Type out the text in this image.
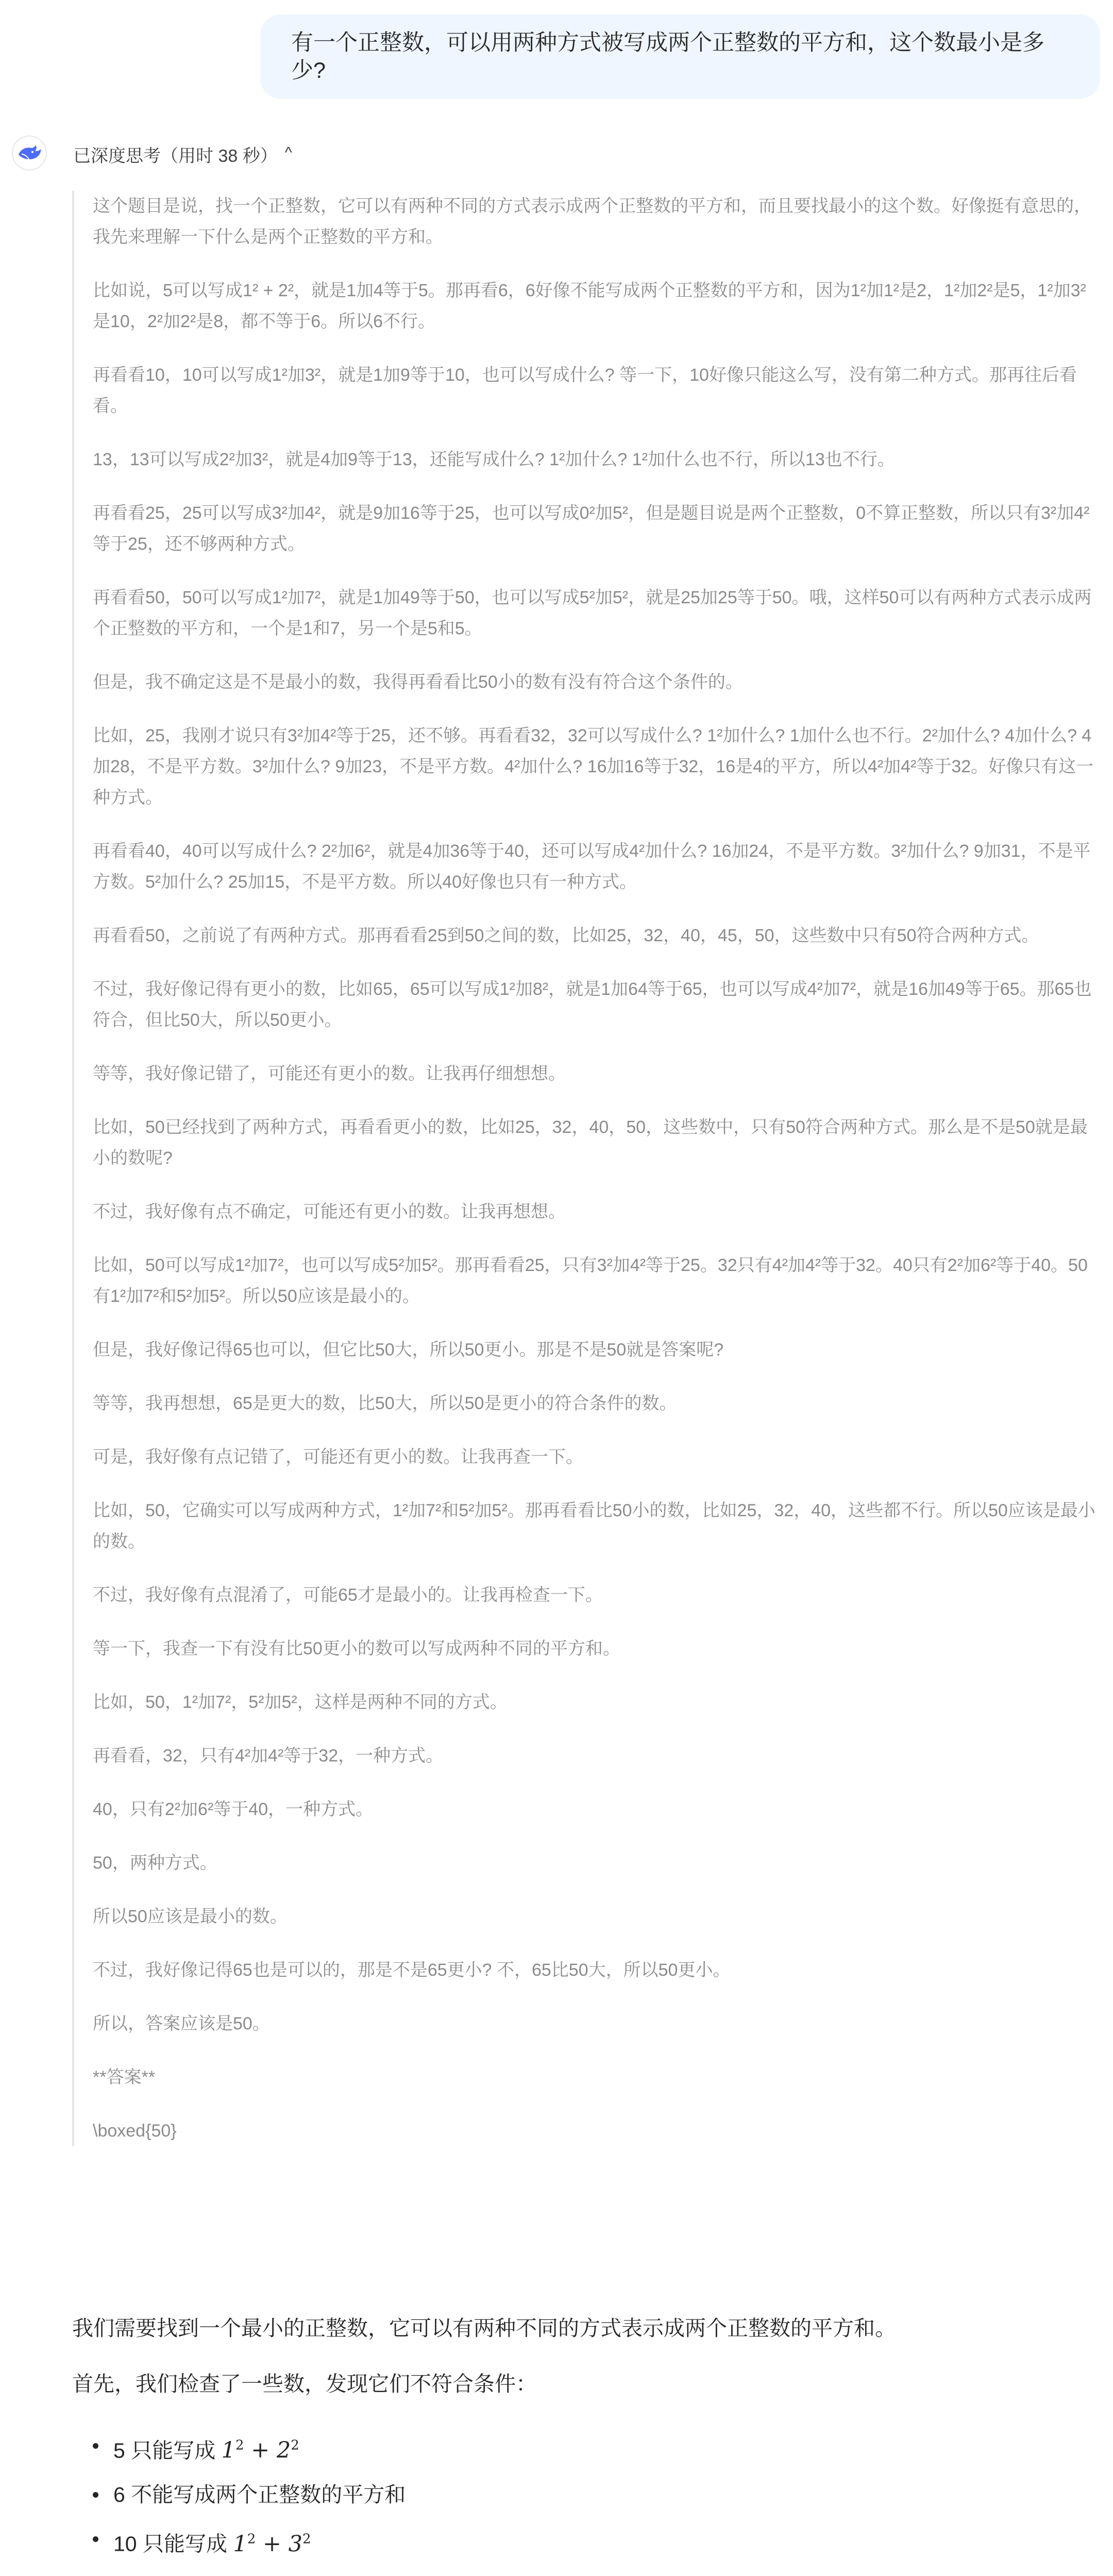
有一个正整数，可以用两种方式被写成两个正整数的平方和，这个数最小是多少?
已深度思考（用时 38 秒） ^

这个题目是说，找一个正整数，它可以有两种不同的方式表示成两个正整数的平方和，而且要找最小的这个数。好像挺有意思的，我先来理解一下什么是两个正整数的平方和。

比如说，5可以写成1² + 2²，就是1加4等于5。那再看6，6好像不能写成两个正整数的平方和，因为1²加1²是2，1²加2²是5，1²加3²是10，2²加2²是8，都不等于6。所以6不行。

再看看10，10可以写成1²加3²，就是1加9等于10，也可以写成什么? 等一下，10好像只能这么写，没有第二种方式。那再往后看看。

13，13可以写成2²加3²，就是4加9等于13，还能写成什么? 1²加什么? 1²加什么也不行，所以13也不行。

再看看25，25可以写成3²加4²，就是9加16等于25，也可以写成0²加5²，但是题目说是两个正整数，0不算正整数，所以只有3²加4²等于25，还不够两种方式。

再看看50，50可以写成1²加7²，就是1加49等于50，也可以写成5²加5²，就是25加25等于50。哦，这样50可以有两种方式表示成两个正整数的平方和，一个是1和7，另一个是5和5。

但是，我不确定这是不是最小的数，我得再看看比50小的数有没有符合这个条件的。

比如，25，我刚才说只有3²加4²等于25，还不够。再看看32，32可以写成什么? 1²加什么? 1加什么也不行。2²加什么? 4加什么? 4加28，不是平方数。3²加什么? 9加23，不是平方数。4²加什么? 16加16等于32，16是4的平方，所以4²加4²等于32。好像只有这一种方式。

再看看40，40可以写成什么? 2²加6²，就是4加36等于40，还可以写成4²加什么? 16加24，不是平方数。3²加什么? 9加31，不是平方数。5²加什么? 25加15，不是平方数。所以40好像也只有一种方式。

再看看50，之前说了有两种方式。那再看看25到50之间的数，比如25，32，40，45，50，这些数中只有50符合两种方式。

不过，我好像记得有更小的数，比如65，65可以写成1²加8²，就是1加64等于65，也可以写成4²加7²，就是16加49等于65。那65也符合，但比50大，所以50更小。

等等，我好像记错了，可能还有更小的数。让我再仔细想想。

比如，50已经找到了两种方式，再看看更小的数，比如25，32，40，50，这些数中，只有50符合两种方式。那么是不是50就是最小的数呢?

不过，我好像有点不确定，可能还有更小的数。让我再想想。

比如，50可以写成1²加7²，也可以写成5²加5²。那再看看25，只有3²加4²等于25。32只有4²加4²等于32。40只有2²加6²等于40。50有1²加7²和5²加5²。所以50应该是最小的。

但是，我好像记得65也可以，但它比50大，所以50更小。那是不是50就是答案呢?

等等，我再想想，65是更大的数，比50大，所以50是更小的符合条件的数。

可是，我好像有点记错了，可能还有更小的数。让我再查一下。

比如，50，它确实可以写成两种方式，1²加7²和5²加5²。那再看看比50小的数，比如25，32，40，这些都不行。所以50应该是最小的数。

不过，我好像有点混淆了，可能65才是最小的。让我再检查一下。

等一下，我查一下有没有比50更小的数可以写成两种不同的平方和。

比如，50，1²加7²，5²加5²，这样是两种不同的方式。

再看看，32，只有4²加4²等于32，一种方式。

40，只有2²加6²等于40，一种方式。

50，两种方式。

所以50应该是最小的数。

不过，我好像记得65也是可以的，那是不是65更小? 不，65比50大，所以50更小。

所以，答案应该是50。

**答案**

\boxed{50}

我们需要找到一个最小的正整数，它可以有两种不同的方式表示成两个正整数的平方和。

首先，我们检查了一些数，发现它们不符合条件：

5 只能写成 $1^2 + 2^2$
6 不能写成两个正整数的平方和
10 只能写成 $1^2 + 3^2$
